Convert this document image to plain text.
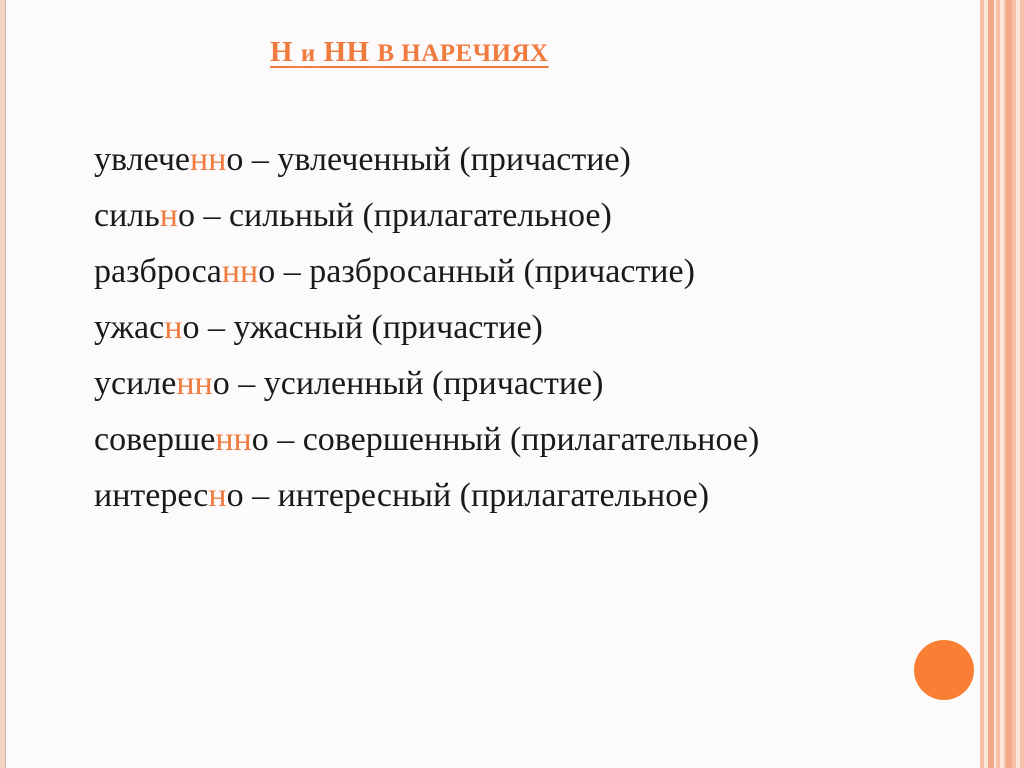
Н и НН В НАРЕЧИЯХ
увлеченно – увлеченный (причастие)
сильно – сильный (прилагательное)
разбросaнно – разбросанный (причастие)
ужасно – ужасный (причастие)
усиленно – усиленный (причастие)
совершенно – совершенный (прилагательное)
интересно – интересный (прилагательное)
